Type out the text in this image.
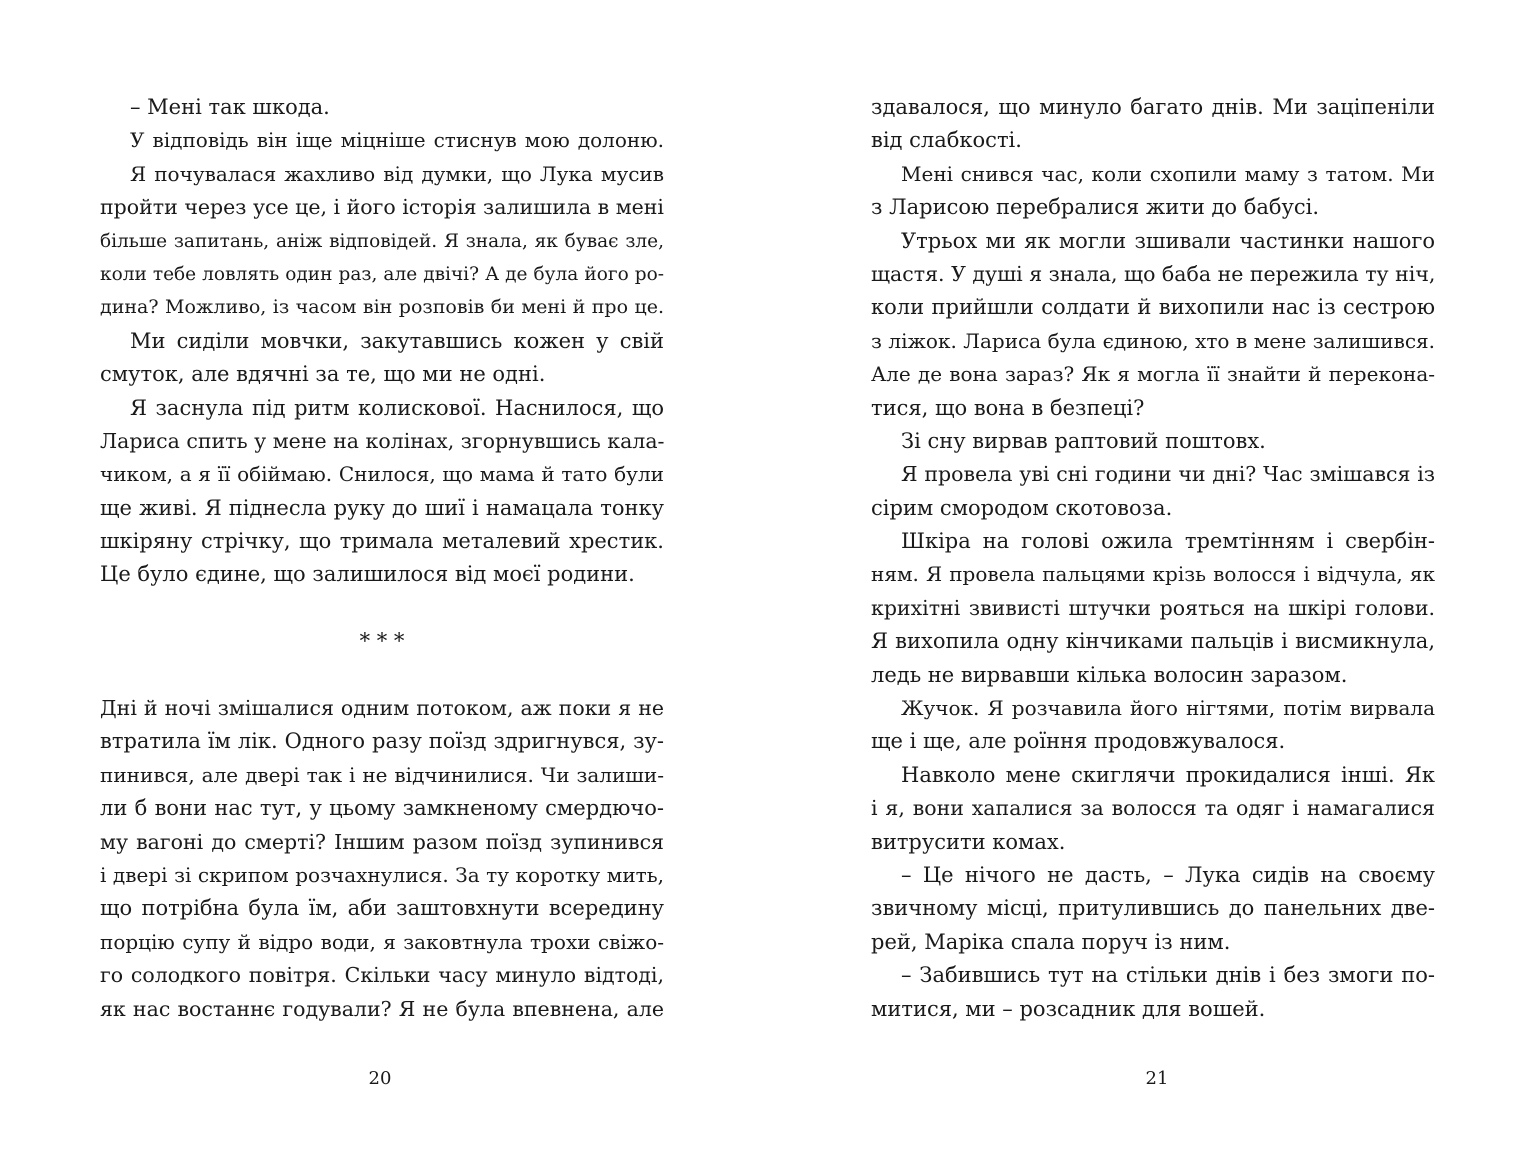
– Мені так шкода.
У відповідь він іще міцніше стиснув мою долоню.
Я почувалася жахливо від думки, що Лука мусив
пройти через усе це, і його історія залишила в мені
більше запитань, аніж відповідей. Я знала, як буває зле,
коли тебе ловлять один раз, але двічі? А де була його ро-
дина? Можливо, із часом він розповів би мені й про це.
Ми сиділи мовчки, закутавшись кожен у свій
смуток, але вдячні за те, що ми не одні.
Я заснула під ритм колискової. Наснилося, що
Лариса спить у мене на колінах, згорнувшись кала-
чиком, а я її обіймаю. Снилося, що мама й тато були
ще живі. Я піднесла руку до шиї і намацала тонку
шкіряну стрічку, що тримала металевий хрестик.
Це було єдине, що залишилося від моєї родини.
* * *
Дні й ночі змішалися одним потоком, аж поки я не
втратила їм лік. Одного разу поїзд здригнувся, зу-
пинився, але двері так і не відчинилися. Чи залиши-
ли б вони нас тут, у цьому замкненому смердючо-
му вагоні до смерті? Іншим разом поїзд зупинився
і двері зі скрипом розчахнулися. За ту коротку мить,
що потрібна була їм, аби заштовхнути всередину
порцію супу й відро води, я заковтнула трохи свіжо-
го солодкого повітря. Скільки часу минуло відтоді,
як нас востаннє годували? Я не була впевнена, але
20
здавалося, що минуло багато днів. Ми заціпеніли
від слабкості.
Мені снився час, коли схопили маму з татом. Ми
з Ларисою перебралися жити до бабусі.
Утрьох ми як могли зшивали частинки нашого
щастя. У душі я знала, що баба не пережила ту ніч,
коли прийшли солдати й вихопили нас із сестрою
з ліжок. Лариса була єдиною, хто в мене залишився.
Але де вона зараз? Як я могла її знайти й перекона-
тися, що вона в безпеці?
Зі сну вирвав раптовий поштовх.
Я провела уві сні години чи дні? Час змішався із
сірим смородом скотовоза.
Шкіра на голові ожила тремтінням і свербін-
ням. Я провела пальцями крізь волосся і відчула, як
крихітні звивисті штучки рояться на шкірі голови.
Я вихопила одну кінчиками пальців і висмикнула,
ледь не вирвавши кілька волосин заразом.
Жучок. Я розчавила його нігтями, потім вирвала
ще і ще, але роїння продовжувалося.
Навколо мене скиглячи прокидалися інші. Як
і я, вони хапалися за волосся та одяг і намагалися
витрусити комах.
– Це нічого не дасть, – Лука сидів на своєму
звичному місці, притулившись до панельних две-
рей, Маріка спала поруч із ним.
– Забившись тут на стільки днів і без змоги по-
митися, ми – розсадник для вошей.
21
